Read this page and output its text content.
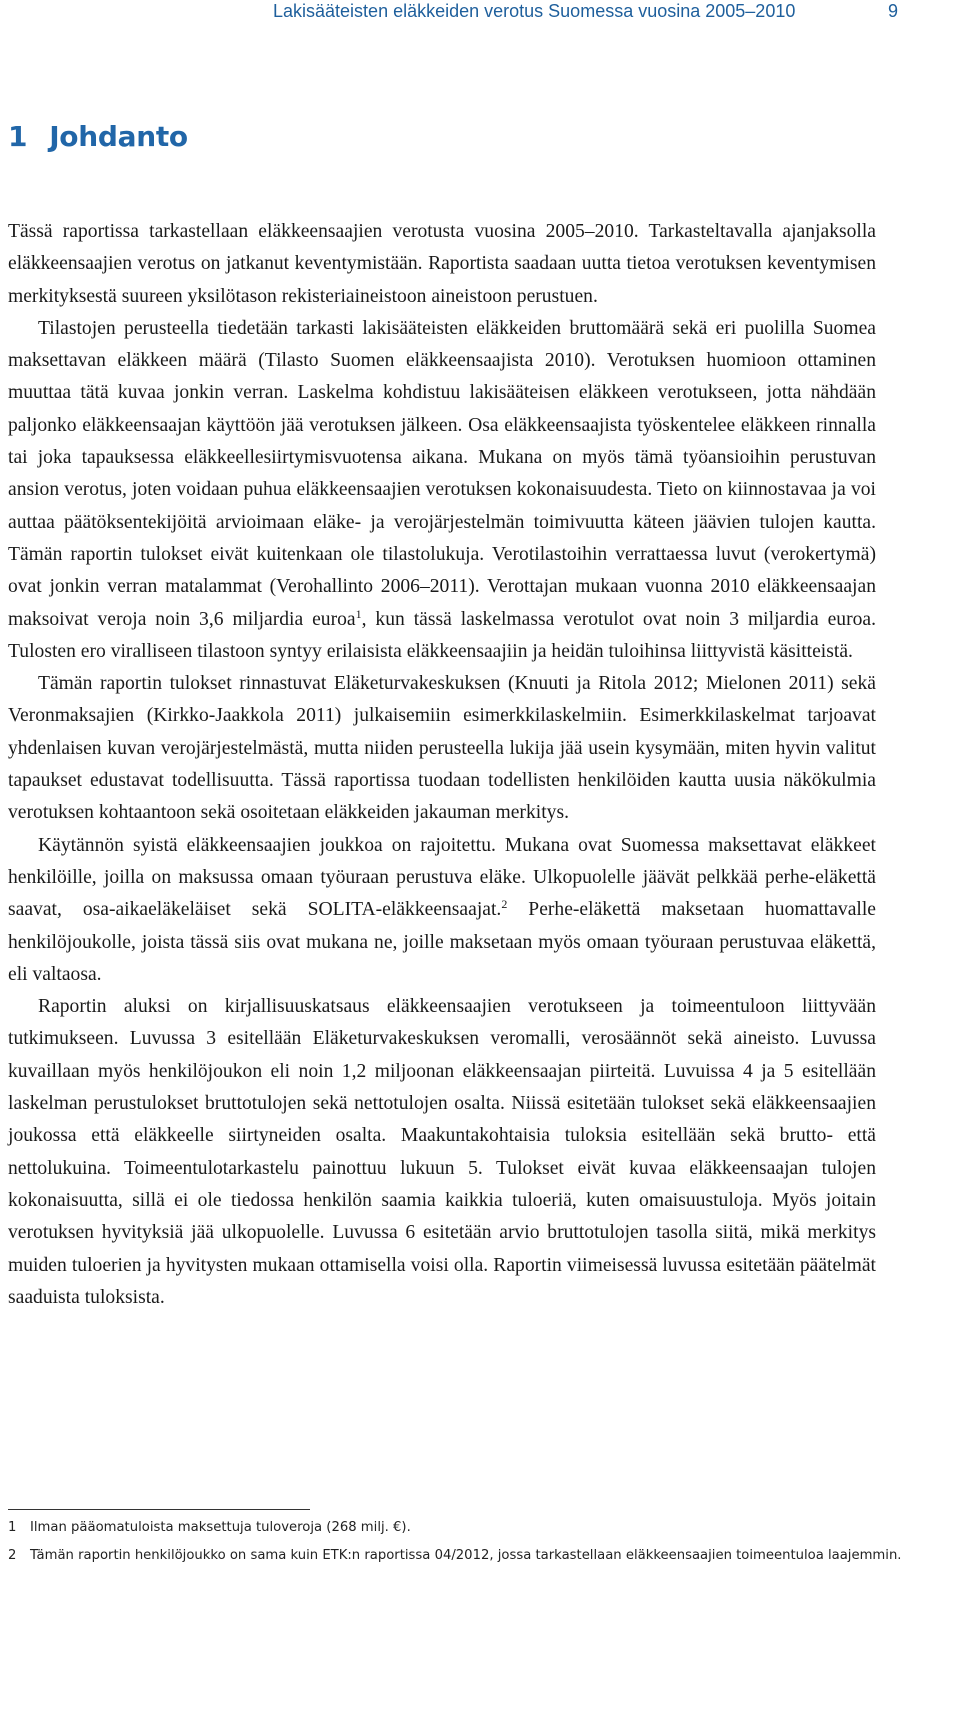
Lakisääteisten eläkkeiden verotus Suomessa vuosina 2005–2010	9
1 Johdanto

Tässä raportissa tarkastellaan eläkkeensaajien verotusta vuosina 2005–2010. Tarkasteltavalla ajanjaksolla eläkkeensaajien verotus on jatkanut keventymistään. Raportista saadaan uutta tietoa verotuksen keventymisen merkityksestä suureen yksilötason rekisteriaineistoon aineistoon perustuen.

Tilastojen perusteella tiedetään tarkasti lakisääteisten eläkkeiden bruttomäärä sekä eri puolilla Suomea maksettavan eläkkeen määrä (Tilasto Suomen eläkkeensaajista 2010). Verotuksen huomioon ottaminen muuttaa tätä kuvaa jonkin verran. Laskelma kohdistuu lakisääteisen eläkkeen verotukseen, jotta nähdään paljonko eläkkeensaajan käyttöön jää verotuksen jälkeen. Osa eläkkeensaajista työskentelee eläkkeen rinnalla tai joka tapauksessa eläkkeellesiirtymisvuotensa aikana. Mukana on myös tämä työansioihin perustuvan ansion verotus, joten voidaan puhua eläkkeensaajien verotuksen kokonaisuudesta. Tieto on kiinnostavaa ja voi auttaa päätöksentekijöitä arvioimaan eläke- ja verojärjestelmän toimivuutta käteen jäävien tulojen kautta. Tämän raportin tulokset eivät kuitenkaan ole tilastolukuja. Verotilastoihin verrattaessa luvut (verokertymä) ovat jonkin verran matalammat (Verohallinto 2006–2011). Verottajan mukaan vuonna 2010 eläkkeensaajan maksoivat veroja noin 3,6 miljardia euroa$^1$, kun tässä laskelmassa verotulot ovat noin 3 miljardia euroa. Tulosten ero viralliseen tilastoon syntyy erilaisista eläkkeensaajiin ja heidän tuloihinsa liittyvistä käsitteistä.

Tämän raportin tulokset rinnastuvat Eläketurvakeskuksen (Knuuti ja Ritola 2012; Mielonen 2011) sekä Veronmaksajien (Kirkko-Jaakkola 2011) julkaisemiin esimerkkilaskelmiin. Esimerkkilaskelmat tarjoavat yhdenlaisen kuvan verojärjestelmästä, mutta niiden perusteella lukija jää usein kysymään, miten hyvin valitut tapaukset edustavat todellisuutta. Tässä raportissa tuodaan todellisten henkilöiden kautta uusia näkökulmia verotuksen kohtaantoon sekä osoitetaan eläkkeiden jakauman merkitys.

Käytännön syistä eläkkeensaajien joukkoa on rajoitettu. Mukana ovat Suomessa maksettavat eläkkeet henkilöille, joilla on maksussa omaan työuraan perustuva eläke. Ulkopuolelle jäävät pelkkää perhe-eläkettä saavat, osa-aikaeläkeläiset sekä SOLITA-eläkkeensaajat.$^2$ Perhe-eläkettä maksetaan huomattavalle henkilöjoukolle, joista tässä siis ovat mukana ne, joille maksetaan myös omaan työuraan perustuvaa eläkettä, eli valtaosa.

Raportin aluksi on kirjallisuuskatsaus eläkkeensaajien verotukseen ja toimeentuloon liittyvään tutkimukseen. Luvussa 3 esitellään Eläketurvakeskuksen veromalli, verosäännöt sekä aineisto. Luvussa kuvaillaan myös henkilöjoukon eli noin 1,2 miljoonan eläkkeensaajan piirteitä. Luvuissa 4 ja 5 esitellään laskelman perustulokset bruttotulojen sekä nettotulojen osalta. Niissä esitetään tulokset sekä eläkkeensaajien joukossa että eläkkeelle siirtyneiden osalta. Maakuntakohtaisia tuloksia esitellään sekä brutto- että nettolukuina. Toimeentulotarkastelu painottuu lukuun 5. Tulokset eivät kuvaa eläkkeensaajan tulojen kokonaisuutta, sillä ei ole tiedossa henkilön saamia kaikkia tuloeriä, kuten omaisuustuloja. Myös joitain verotuksen hyvityksiä jää ulkopuolelle. Luvussa 6 esitetään arvio bruttotulojen tasolla siitä, mikä merkitys muiden tuloerien ja hyvitysten mukaan ottamisella voisi olla. Raportin viimeisessä luvussa esitetään päätelmät saaduista tuloksista.

1 Ilman pääomatuloista maksettuja tuloveroja (268 milj. €).
2 Tämän raportin henkilöjoukko on sama kuin ETK:n raportissa 04/2012, jossa tarkastellaan eläkkeensaajien toimeentuloa laajemmin.
